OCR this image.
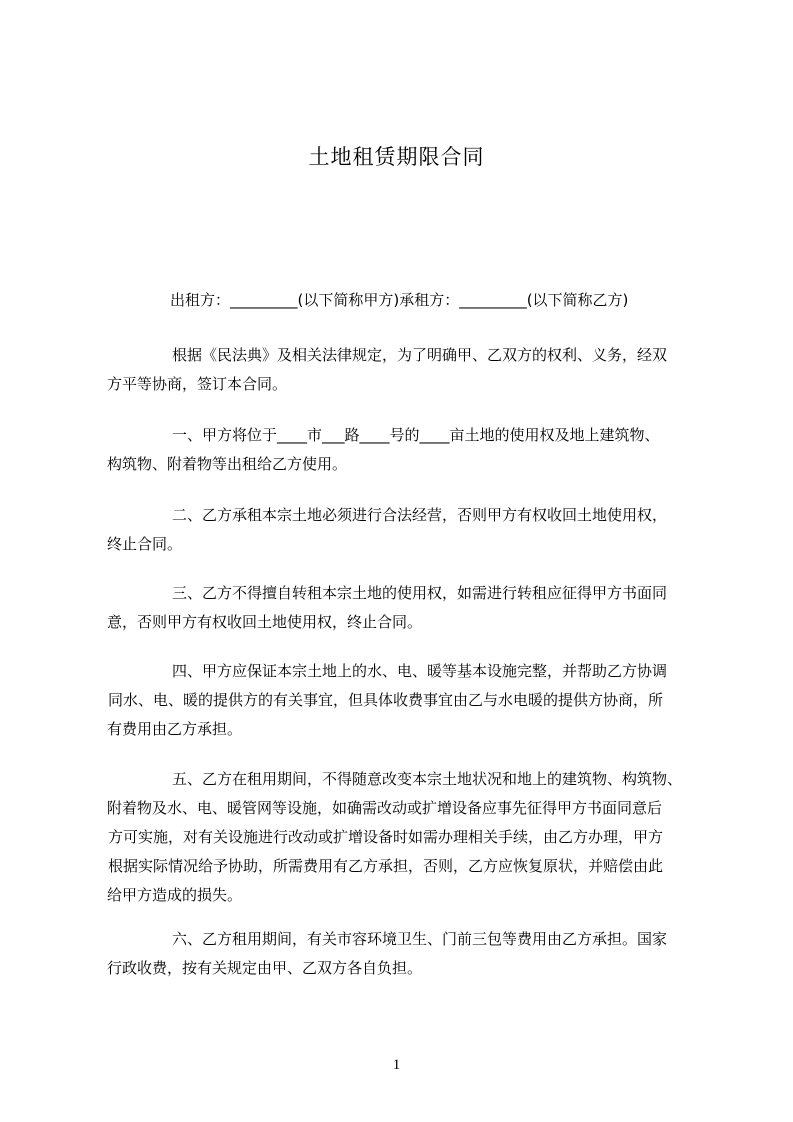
土地租赁期限合同
出租方：_________(以下简称甲方)承租方：_________(以下简称乙方)
根据《民法典》及相关法律规定，为了明确甲、乙双方的权利、义务，经双
方平等协商，签订本合同。
一、甲方将位于____市___路____号的____亩土地的使用权及地上建筑物、
构筑物、附着物等出租给乙方使用。
二、乙方承租本宗土地必须进行合法经营，否则甲方有权收回土地使用权，
终止合同。
三、乙方不得擅自转租本宗土地的使用权，如需进行转租应征得甲方书面同
意，否则甲方有权收回土地使用权，终止合同。
四、甲方应保证本宗土地上的水、电、暖等基本设施完整，并帮助乙方协调
同水、电、暖的提供方的有关事宜，但具体收费事宜由乙与水电暖的提供方协商，所
有费用由乙方承担。
五、乙方在租用期间，不得随意改变本宗土地状况和地上的建筑物、构筑物、
附着物及水、电、暖管网等设施，如确需改动或扩增设备应事先征得甲方书面同意后
方可实施，对有关设施进行改动或扩增设备时如需办理相关手续，由乙方办理，甲方
根据实际情况给予协助，所需费用有乙方承担，否则，乙方应恢复原状，并赔偿由此
给甲方造成的损失。
六、乙方租用期间，有关市容环境卫生、门前三包等费用由乙方承担。国家
行政收费，按有关规定由甲、乙双方各自负担。
1
